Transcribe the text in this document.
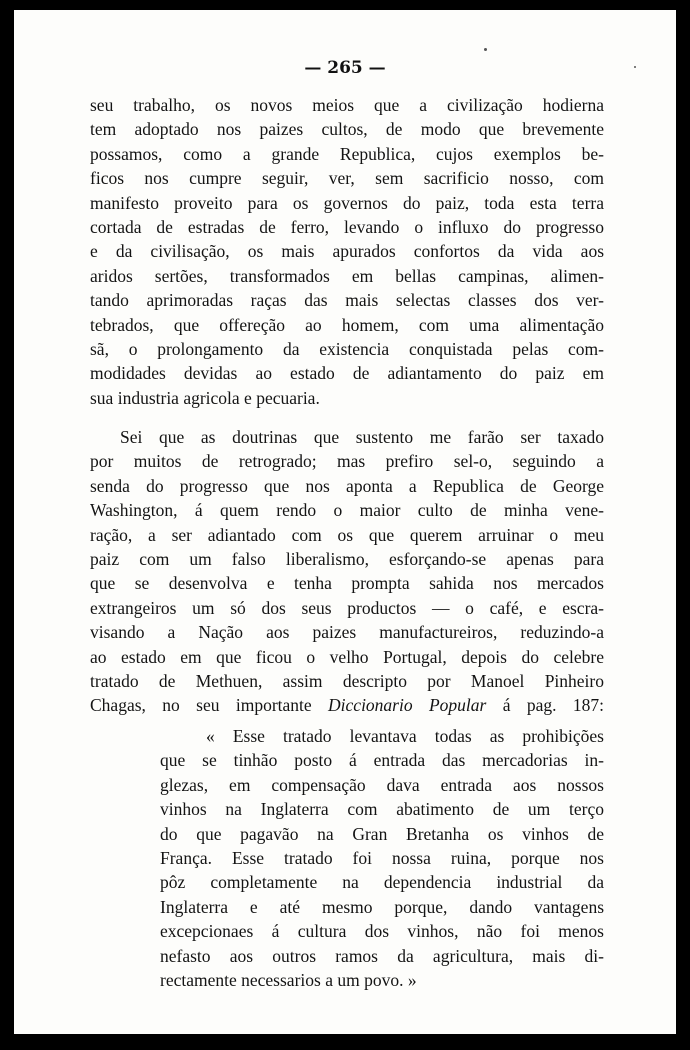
— 265 —
seu trabalho, os novos meios que a civilização hodierna
tem adoptado nos paizes cultos, de modo que brevemente
possamos, como a grande Republica, cujos exemplos be-
ficos nos cumpre seguir, ver, sem sacrificio nosso, com
manifesto proveito para os governos do paiz, toda esta terra
cortada de estradas de ferro, levando o influxo do progresso
e da civilisação, os mais apurados confortos da vida aos
aridos sertões, transformados em bellas campinas, alimen-
tando aprimoradas raças das mais selectas classes dos ver-
tebrados, que offereção ao homem, com uma alimentação
sã, o prolongamento da existencia conquistada pelas com-
modidades devidas ao estado de adiantamento do paiz em
sua industria agricola e pecuaria.
Sei que as doutrinas que sustento me farão ser taxado
por muitos de retrogrado; mas prefiro sel-o, seguindo a
senda do progresso que nos aponta a Republica de George
Washington, á quem rendo o maior culto de minha vene-
ração, a ser adiantado com os que querem arruinar o meu
paiz com um falso liberalismo, esforçando-se apenas para
que se desenvolva e tenha prompta sahida nos mercados
extrangeiros um só dos seus productos — o café, e escra-
visando a Nação aos paizes manufactureiros, reduzindo-a
ao estado em que ficou o velho Portugal, depois do celebre
tratado de Methuen, assim descripto por Manoel Pinheiro
Chagas, no seu importante Diccionario Popular á pag. 187:
« Esse tratado levantava todas as prohibições
que se tinhão posto á entrada das mercadorias in-
glezas, em compensação dava entrada aos nossos
vinhos na Inglaterra com abatimento de um terço
do que pagavão na Gran Bretanha os vinhos de
França. Esse tratado foi nossa ruina, porque nos
pôz completamente na dependencia industrial da
Inglaterra e até mesmo porque, dando vantagens
excepcionaes á cultura dos vinhos, não foi menos
nefasto aos outros ramos da agricultura, mais di-
rectamente necessarios a um povo. »
